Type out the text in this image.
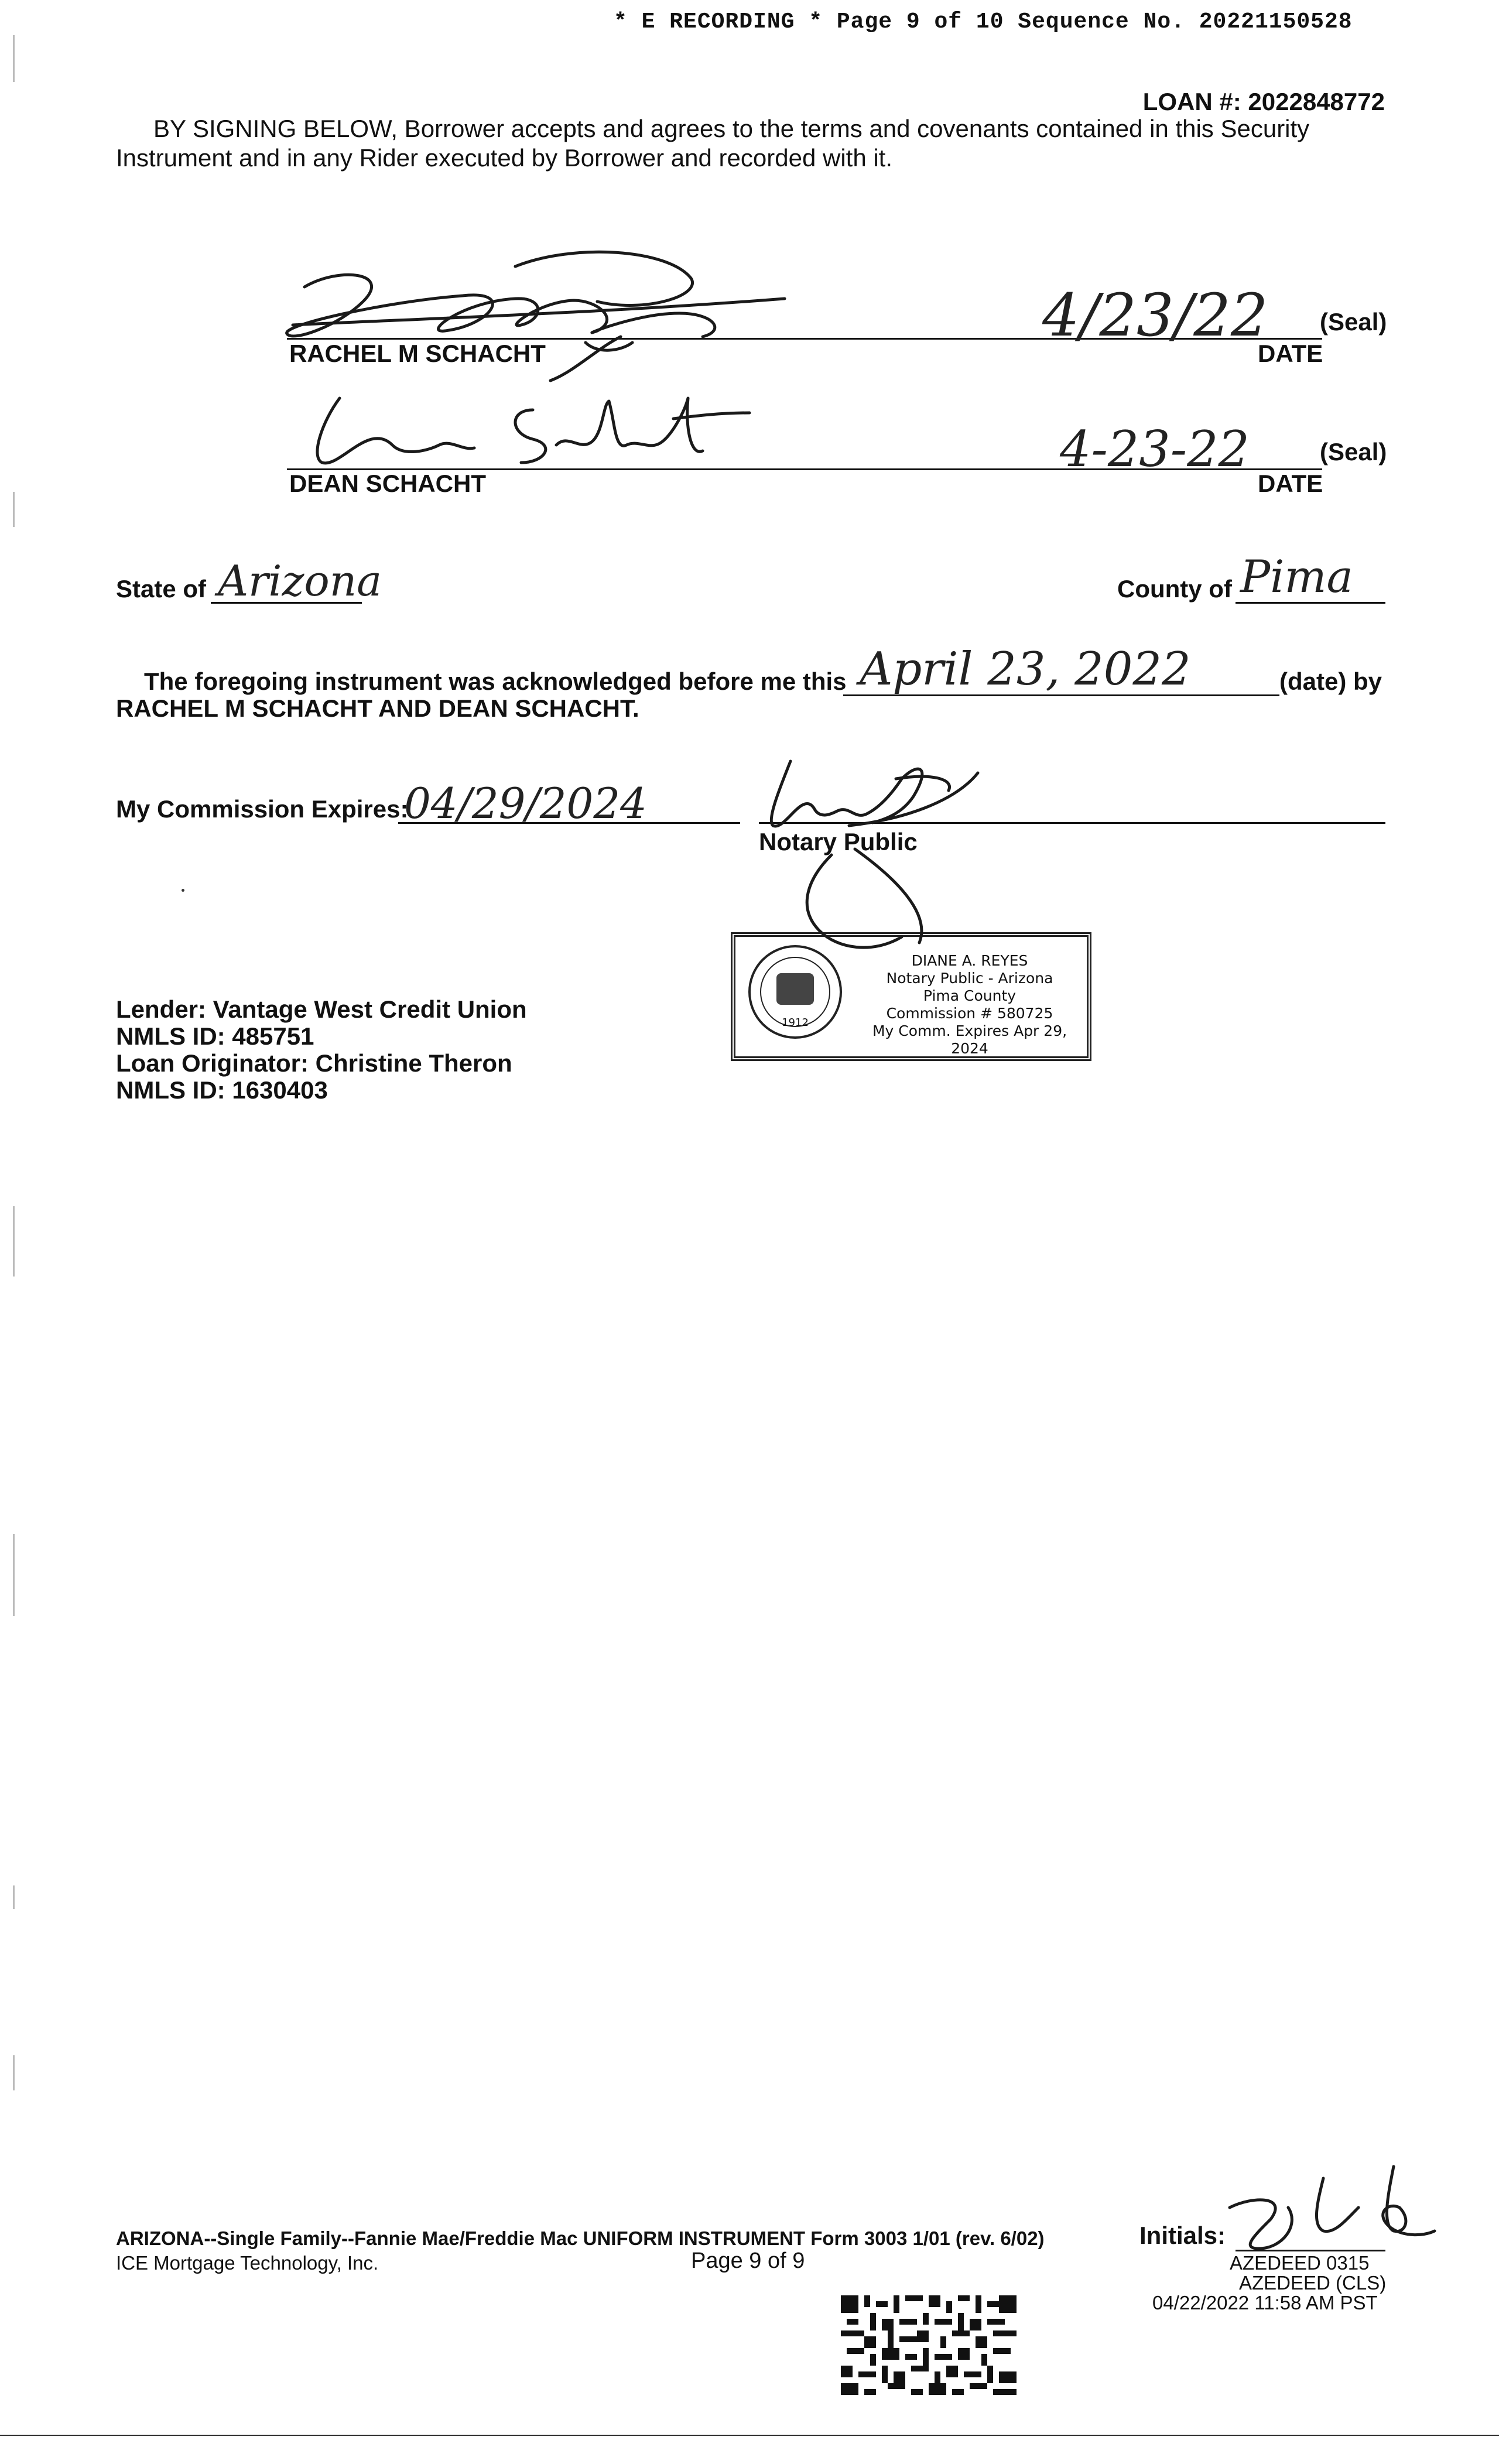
* E RECORDING * Page 9 of 10 Sequence No. 20221150528
LOAN #: 2022848772
BY SIGNING BELOW, Borrower accepts and agrees to the terms and covenants contained in this Security
Instrument and in any Rider executed by Borrower and recorded with it.
RACHEL M SCHACHT
4/23/22
DATE
(Seal)
DEAN SCHACHT
4-23-22
DATE
(Seal)
State of Arizona	County of Pima
The foregoing instrument was acknowledged before me this April 23, 2022	(date) by
RACHEL M SCHACHT AND DEAN SCHACHT.
My Commission Expires:
04/29/2024
Notary Public
1912
DIANE A. REYES
Notary Public - Arizona
Pima County
Commission # 580725
My Comm. Expires Apr 29, 2024
Lender: Vantage West Credit Union
NMLS ID: 485751
Loan Originator: Christine Theron
NMLS ID: 1630403
ARIZONA--Single Family--Fannie Mae/Freddie Mac UNIFORM INSTRUMENT Form 3003 1/01 (rev. 6/02)
ICE Mortgage Technology, Inc.	Page 9 of 9
Initials:
AZEDEED 0315
AZEDEED (CLS)
04/22/2022 11:58 AM PST
